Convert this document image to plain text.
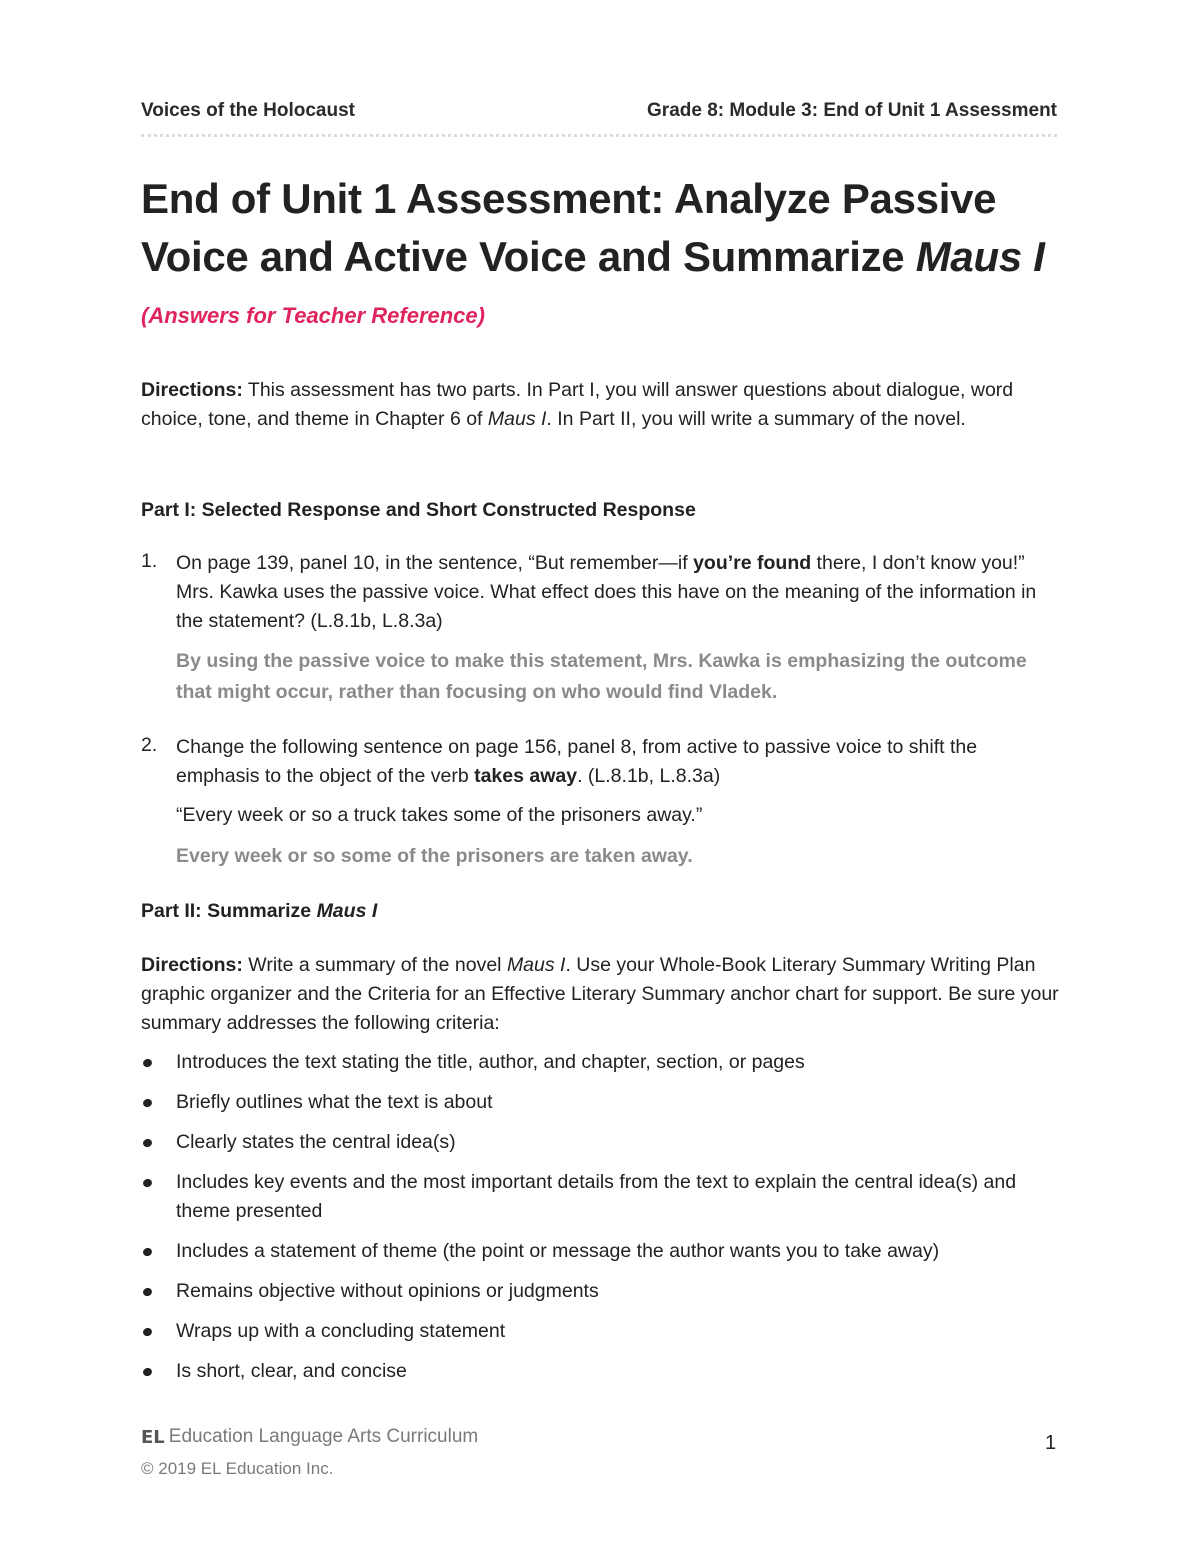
Voices of the Holocaust	Grade 8: Module 3: End of Unit 1 Assessment
End of Unit 1 Assessment: Analyze Passive
Voice and Active Voice and Summarize Maus I
(Answers for Teacher Reference)
Directions: This assessment has two parts. In Part I, you will answer questions about dialogue, word choice, tone, and theme in Chapter 6 of Maus I. In Part II, you will write a summary of the novel.
Part I: Selected Response and Short Constructed Response
1. On page 139, panel 10, in the sentence, “But remember—if you’re found there, I don’t know you!” Mrs. Kawka uses the passive voice. What effect does this have on the meaning of the information in the statement? (L.8.1b, L.8.3a)
By using the passive voice to make this statement, Mrs. Kawka is emphasizing the outcome that might occur, rather than focusing on who would find Vladek.
2. Change the following sentence on page 156, panel 8, from active to passive voice to shift the emphasis to the object of the verb takes away. (L.8.1b, L.8.3a)
“Every week or so a truck takes some of the prisoners away.”
Every week or so some of the prisoners are taken away.
Part II: Summarize Maus I
Directions: Write a summary of the novel Maus I. Use your Whole-Book Literary Summary Writing Plan graphic organizer and the Criteria for an Effective Literary Summary anchor chart for support. Be sure your summary addresses the following criteria:
Introduces the text stating the title, author, and chapter, section, or pages
Briefly outlines what the text is about
Clearly states the central idea(s)
Includes key events and the most important details from the text to explain the central idea(s) and theme presented
Includes a statement of theme (the point or message the author wants you to take away)
Remains objective without opinions or judgments
Wraps up with a concluding statement
Is short, clear, and concise
EL Education Language Arts Curriculum
© 2019 EL Education Inc.
1
